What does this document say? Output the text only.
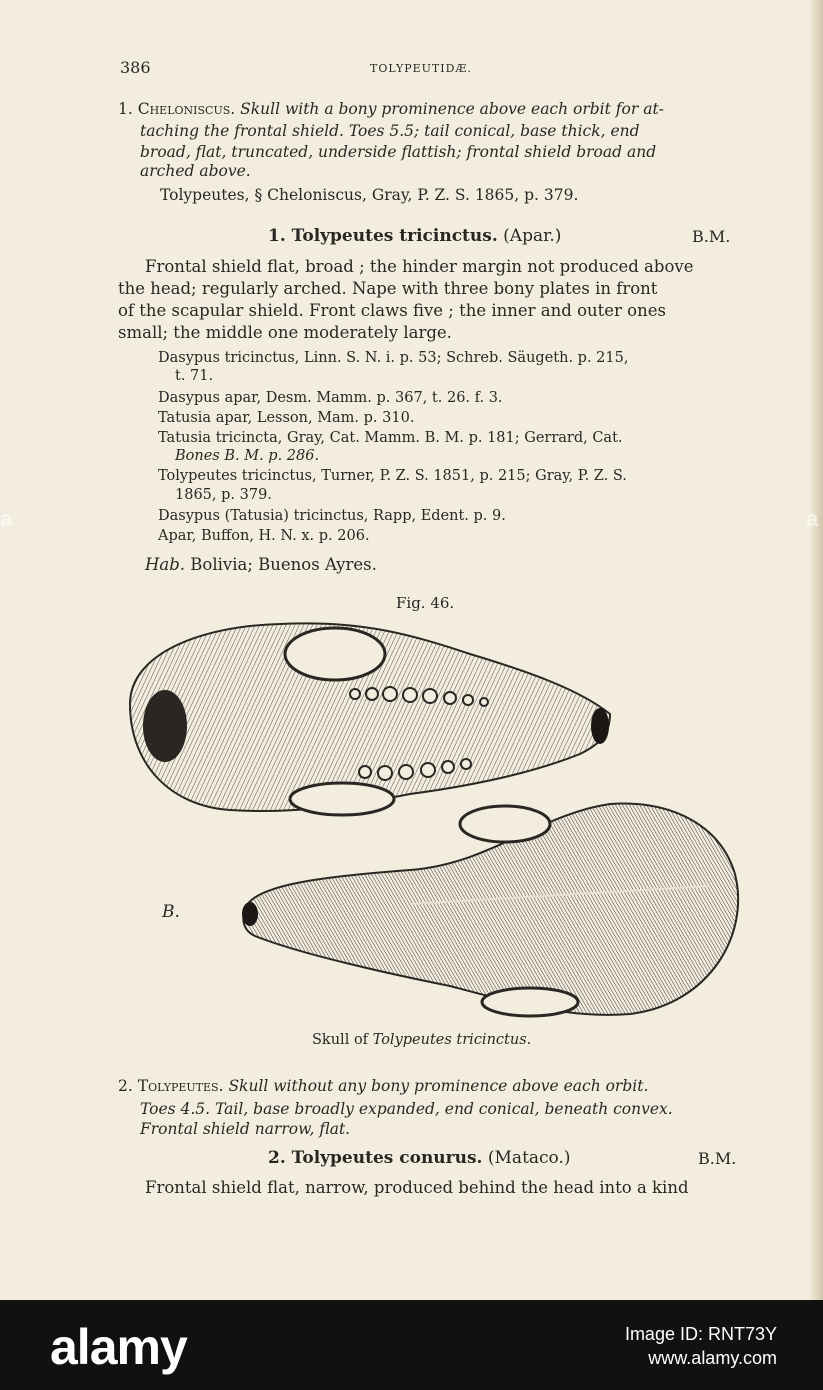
386	TOLYPEUTIDÆ.
1. Cheloniscus. Skull with a bony prominence above each orbit for at-
taching the frontal shield. Toes 5.5; tail conical, base thick, end
broad, flat, truncated, underside flattish; frontal shield broad and
arched above.
Tolypeutes, § Cheloniscus, Gray, P. Z. S. 1865, p. 379.
1. Tolypeutes tricinctus. (Apar.)	B.M.
Frontal shield flat, broad ; the hinder margin not produced above
the head; regularly arched. Nape with three bony plates in front
of the scapular shield. Front claws five ; the inner and outer ones
small; the middle one moderately large.
Dasypus tricinctus, Linn. S. N. i. p. 53; Schreb. Säugeth. p. 215,
t. 71.
Dasypus apar, Desm. Mamm. p. 367, t. 26. f. 3.
Tatusia apar, Lesson, Mam. p. 310.
Tatusia tricincta, Gray, Cat. Mamm. B. M. p. 181; Gerrard, Cat.
Bones B. M. p. 286.
Tolypeutes tricinctus, Turner, P. Z. S. 1851, p. 215; Gray, P. Z. S.
1865, p. 379.
Dasypus (Tatusia) tricinctus, Rapp, Edent. p. 9.
Apar, Buffon, H. N. x. p. 206.
Hab. Bolivia; Buenos Ayres.
Fig. 46.
B.
Skull of Tolypeutes tricinctus.
2. Tolypeutes. Skull without any bony prominence above each orbit.
Toes 4.5. Tail, base broadly expanded, end conical, beneath convex.
Frontal shield narrow, flat.
2. Tolypeutes conurus. (Mataco.)	B.M.
Frontal shield flat, narrow, produced behind the head into a kind
a	a
alamy	Image ID: RNT73Y
www.alamy.com
